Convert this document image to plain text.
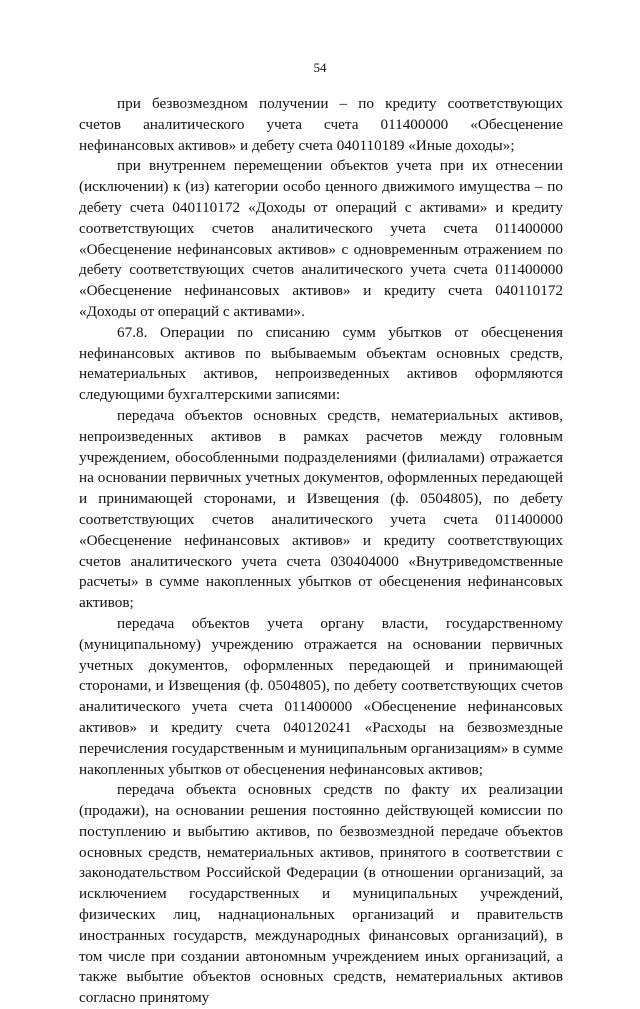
54

при безвозмездном получении – по кредиту соответствующих счетов аналитического учета счета 011400000 «Обесценение нефинансовых активов» и дебету счета 040110189 «Иные доходы»;

при внутреннем перемещении объектов учета при их отнесении (исключении) к (из) категории особо ценного движимого имущества – по дебету счета 040110172 «Доходы от операций с активами» и кредиту соответствующих счетов аналитического учета счета 011400000 «Обесценение нефинансовых активов» с одновременным отражением по дебету соответствующих счетов аналитического учета счета 011400000 «Обесценение нефинансовых активов» и кредиту счета 040110172 «Доходы от операций с активами».

67.8. Операции по списанию сумм убытков от обесценения нефинансовых активов по выбываемым объектам основных средств, нематериальных активов, непроизведенных активов оформляются следующими бухгалтерскими записями:

передача объектов основных средств, нематериальных активов, непроизведенных активов в рамках расчетов между головным учреждением, обособленными подразделениями (филиалами) отражается на основании первичных учетных документов, оформленных передающей и принимающей сторонами, и Извещения (ф. 0504805), по дебету соответствующих счетов аналитического учета счета 011400000 «Обесценение нефинансовых активов» и кредиту соответствующих счетов аналитического учета счета 030404000 «Внутриведомственные расчеты» в сумме накопленных убытков от обесценения нефинансовых активов;

передача объектов учета органу власти, государственному (муниципальному) учреждению отражается на основании первичных учетных документов, оформленных передающей и принимающей сторонами, и Извещения (ф. 0504805), по дебету соответствующих счетов аналитического учета счета 011400000 «Обесценение нефинансовых активов» и кредиту счета 040120241 «Расходы на безвозмездные перечисления государственным и муниципальным организациям» в сумме накопленных убытков от обесценения нефинансовых активов;

передача объекта основных средств по факту их реализации (продажи), на основании решения постоянно действующей комиссии по поступлению и выбытию активов, по безвозмездной передаче объектов основных средств, нематериальных активов, принятого в соответствии с законодательством Российской Федерации (в отношении организаций, за исключением государственных и муниципальных учреждений, физических лиц, наднациональных организаций и правительств иностранных государств, международных финансовых организаций), в том числе при создании автономным учреждением иных организаций, а также выбытие объектов основных средств, нематериальных активов согласно принятому
